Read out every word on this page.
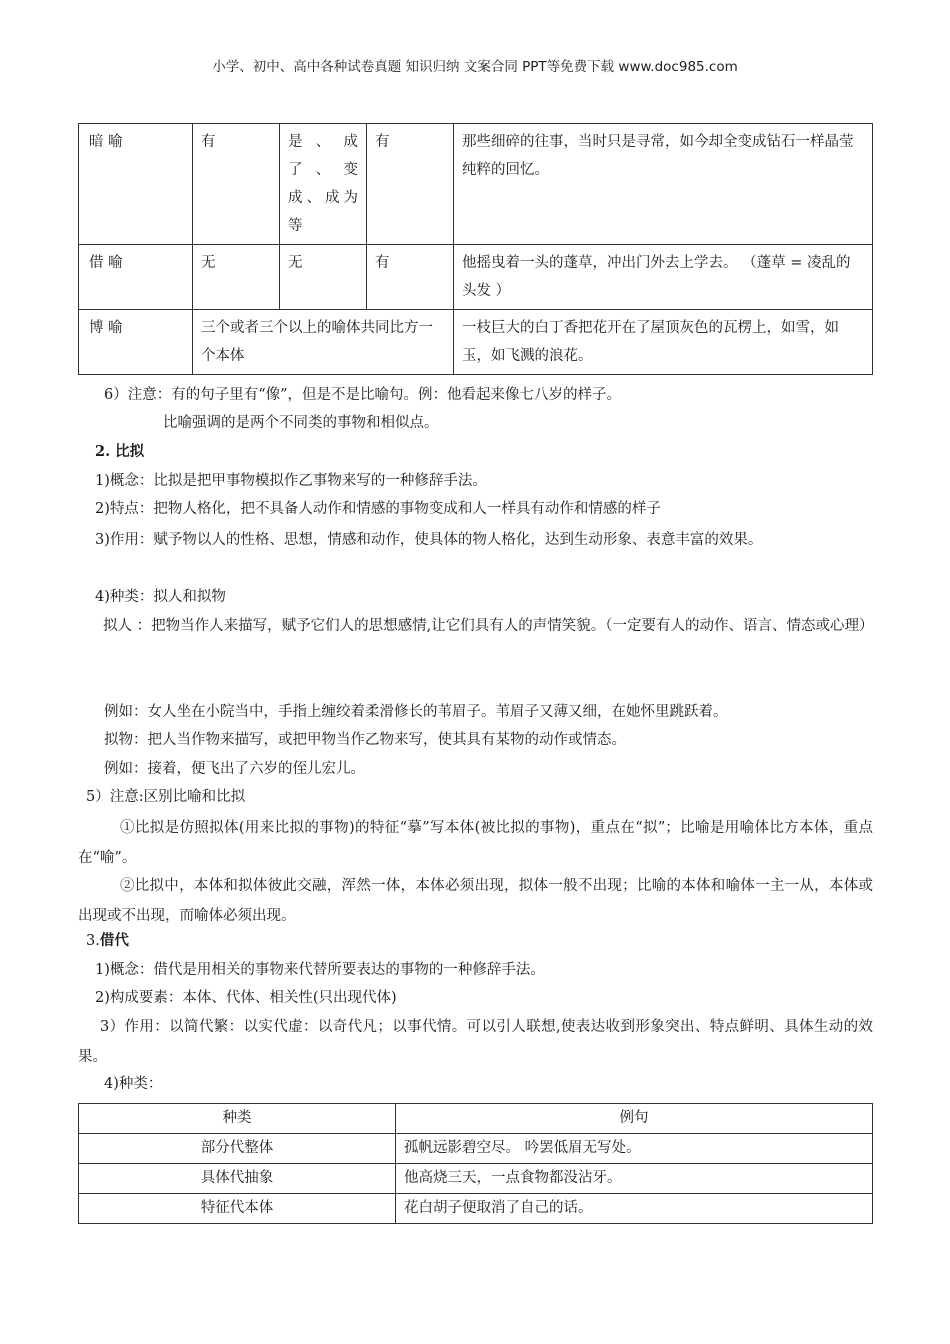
小学、初中、高中各种试卷真题 知识归纳 文案合同 PPT等免费下载 www.doc985.com
暗 喻	有	是 、 成 了 、 变 成、成为等	有	那些细碎的往事，当时只是寻常，如今却全变成钻石一样晶莹纯粹的回忆。
借 喻	无	无	有	他摇曳着一头的蓬草，冲出门外去上学去。 （蓬草 = 凌乱的头发 ）
博 喻	三个或者三个以上的喻体共同比方一个本体			一枝巨大的白丁香把花开在了屋顶灰色的瓦楞上，如雪，如玉，如飞溅的浪花。
6）注意：有的句子里有“像”，但是不是比喻句。例：他看起来像七八岁的样子。
比喻强调的是两个不同类的事物和相似点。
2. 比拟
1)概念：比拟是把甲事物模拟作乙事物来写的一种修辞手法。
2)特点：把物人格化，把不具备人动作和情感的事物变成和人一样具有动作和情感的样子
3)作用：赋予物以人的性格、思想，情感和动作，使具体的物人格化，达到生动形象、表意丰富的效果。
4)种类：拟人和拟物
拟人 ：把物当作人来描写，赋予它们人的思想感情,让它们具有人的声情笑貌。（一定要有人的动作、语言、情态或心理）
例如：女人坐在小院当中，手指上缠绞着柔滑修长的苇眉子。苇眉子又薄又细，在她怀里跳跃着。
拟物：把人当作物来描写，或把甲物当作乙物来写，使其具有某物的动作或情态。
例如：接着，便飞出了六岁的侄儿宏儿。
5）注意:区别比喻和比拟
①比拟是仿照拟体(用来比拟的事物)的特征“摹”写本体(被比拟的事物)，重点在“拟”；比喻是用喻体比方本体，重点在“喻”。
②比拟中，本体和拟体彼此交融，浑然一体，本体必须出现，拟体一般不出现；比喻的本体和喻体一主一从，本体或出现或不出现，而喻体必须出现。
3.借代
1)概念：借代是用相关的事物来代替所要表达的事物的一种修辞手法。
2)构成要素：本体、代体、相关性(只出现代体)
3）作用：以简代繁：以实代虚：以奇代凡；以事代情。可以引人联想,使表达收到形象突出、特点鲜明、具体生动的效果。
4)种类：
种类	例句
部分代整体	孤帆远影碧空尽。 吟罢低眉无写处。
具体代抽象	他高烧三天，一点食物都没沾牙。
特征代本体	花白胡子便取消了自己的话。
